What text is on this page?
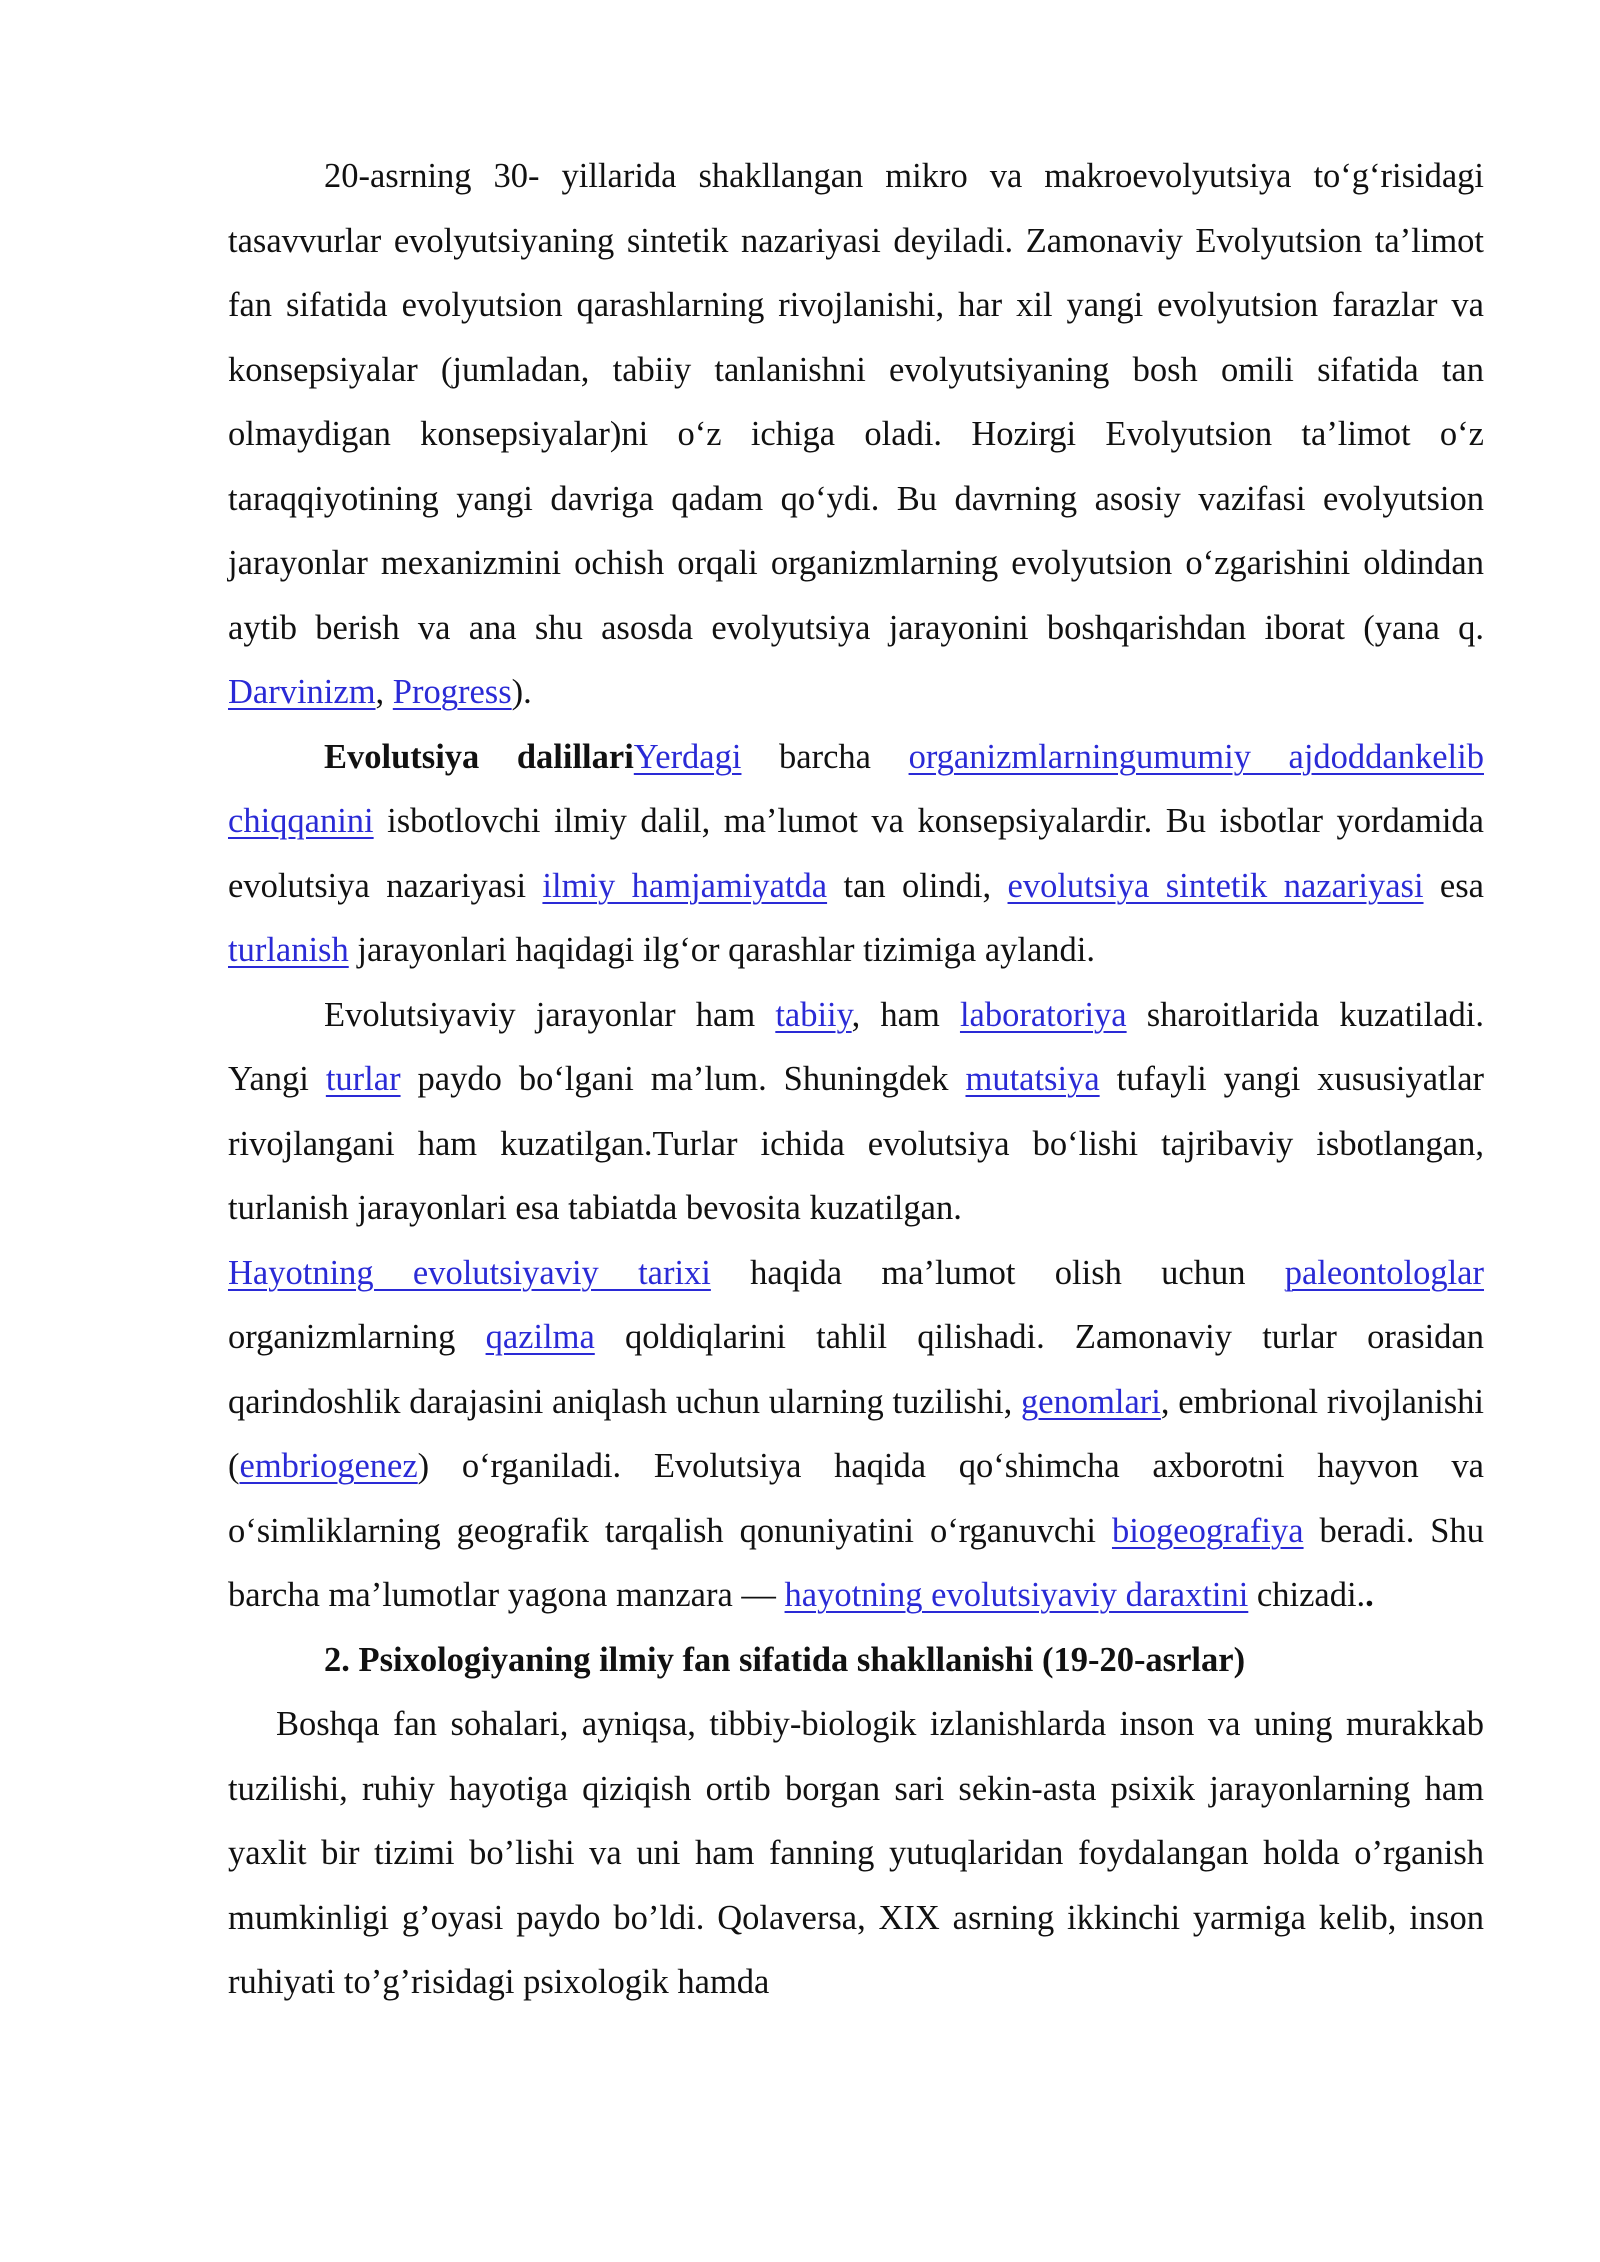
20-asrning 30- yillarida shakllangan mikro va makroevolyutsiya to‘g‘risidagi tasavvurlar evolyutsiyaning sintetik nazariyasi deyiladi. Zamonaviy Evolyutsion ta’limot fan sifatida evolyutsion qarashlarning rivojlanishi, har xil yangi evolyutsion farazlar va konsepsiyalar (jumladan, tabiiy tanlanishni evolyutsiyaning bosh omili sifatida tan olmaydigan konsepsiyalar)ni o‘z ichiga oladi. Hozirgi Evolyutsion ta’limot o‘z taraqqiyotining yangi davriga qadam qo‘ydi. Bu davrning asosiy vazifasi evolyutsion jarayonlar mexanizmini ochish orqali organizmlarning evolyutsion o‘zgarishini oldindan aytib berish va ana shu asosda evolyutsiya jarayonini boshqarishdan iborat (yana q. Darvinizm, Progress).

Evolutsiya dalillariYerdagi barcha organizmlarningumumiy ajdoddankelib chiqqanini isbotlovchi ilmiy dalil, ma’lumot va konsepsiyalardir. Bu isbotlar yordamida evolutsiya nazariyasi ilmiy hamjamiyatda tan olindi, evolutsiya sintetik nazariyasi esa turlanish jarayonlari haqidagi ilg‘or qarashlar tizimiga aylandi.

Evolutsiyaviy jarayonlar ham tabiiy, ham laboratoriya sharoitlarida kuzatiladi. Yangi turlar paydo bo‘lgani ma’lum. Shuningdek mutatsiya tufayli yangi xususiyatlar rivojlangani ham kuzatilgan.Turlar ichida evolutsiya bo‘lishi tajribaviy isbotlangan, turlanish jarayonlari esa tabiatda bevosita kuzatilgan.

Hayotning evolutsiyaviy tarixi haqida ma’lumot olish uchun paleontologlar organizmlarning qazilma qoldiqlarini tahlil qilishadi. Zamonaviy turlar orasidan qarindoshlik darajasini aniqlash uchun ularning tuzilishi, genomlari, embrional rivojlanishi (embriogenez) o‘rganiladi. Evolutsiya haqida qo‘shimcha axborotni hayvon va o‘simliklarning geografik tarqalish qonuniyatini o‘rganuvchi biogeografiya beradi. Shu barcha ma’lumotlar yagona manzara — hayotning evolutsiyaviy daraxtini chizadi..

2. Psixologiyaning ilmiy fan sifatida shakllanishi (19-20-asrlar)

Boshqa fan sohalari, ayniqsa, tibbiy-biologik izlanishlarda inson va uning murakkab tuzilishi, ruhiy hayotiga qiziqish ortib borgan sari sekin-asta psixik jarayonlarning ham yaxlit bir tizimi bo’lishi va uni ham fanning yutuqlaridan foydalangan holda o’rganish mumkinligi g’oyasi paydo bo’ldi. Qolaversa, XIX asrning ikkinchi yarmiga kelib, inson ruhiyati to’g’risidagi psixologik hamda
